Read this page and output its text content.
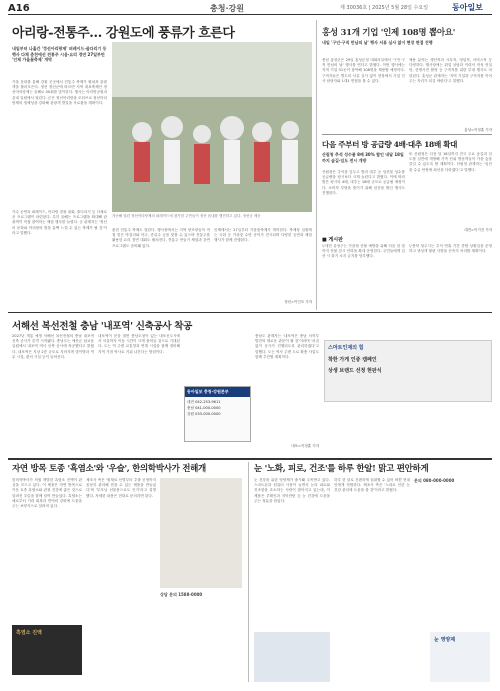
A16	충청·강원	제 30036호 | 2025년 5월 28일 수요일	동아일보
아리랑-전통주… 강원도에 풍류가 흐른다
내일부터 나흘간 '정선아리랑제' 퍼레이드·줄다리기 등 행사 다채 춘천에선 전통주 시음·요리 경연 27일부턴 '인제 가을꽃축제' 개막
가을 문화를 통해 강원 곳곳에서 전통주 축제가 펼쳐져 관광객을 불러모은다. 정선 정선군에 따르면 지역 대표축제인 정선아리랑제는 올해로 50회를 맞이한다. 행사는 아리랑공원과 읍내 일원에서 열린다. 군은 정선아리랑을 모티브로 정선아리랑제의 정체성을 강화해 관광객 발길을 사로잡을 계획이다.
가수 공연과 퍼레이드, 아리랑 경창 대회, 줄다리기 등 다채로운 프로그램이 마련된다. 특히 올해는 프로그램을 확대해 관광객이 직접 참여하는 체험 행사를 늘렸다. 군 관계자는 '정선의 문화와 아리랑의 멋을 흠뻑 느낄 수 있는 축제가 될 것'이라고 말했다.
지난해 열린 정선아리랑제의 퍼레이드에 참가한 주민들이 정선 읍내를 행진하고 있다. 정선군 제공
춘천 전통주 축제도 열린다. 행사장에서는 지역 양조장들이 직접 빚은 막걸리와 약주, 증류주 등을 맛볼 수 있으며 전통주를 활용한 요리 경연 대회도 펼쳐진다. 전통주 만들기 체험과 강연 프로그램도 준비돼 있다.
인제에서는 27일부터 가을꽃축제가 개막한다. 축제장 일원에는 국화 등 가을꽃 수만 송이가 전시되며 다양한 공연과 체험 행사가 함께 진행된다.
정선=이인모 기자
홍성 31개 기업 '인제 108명 뽑아요'
내일 '구인·구직 만남의 날' 행사 서류 심사 없이 현장 면접 진행
충남 홍성군은 29일 홍성군청 대회의실에서 '구인·구직 만남의 날' 행사를 연다고 밝혔다. 이번 행사에는 지역 기업 31곳이 참여해 108명을 채용할 예정이다. 구직자들은 별도의 서류 심사 없이 현장에서 기업 인사 담당자와 1대1 면접을 볼 수 있다.
채용 분야는 생산직과 사무직, 영업직, 서비스직 등 다양하다. 행사장에는 취업 상담과 이력서 작성 컨설팅, 증명사진 촬영 등 구직자를 위한 부대 행사도 마련된다. 홍성군 관계자는 '지역 기업과 구직자를 이어 주는 자리가 되길 바란다'고 말했다.
홍성=이정훈 기자
다음 주부터 방 공급량 4배·대추 18배 확대
산림청 추석 성수품 8배 30% 할인 내달 18일까지 숲길·임도 전시 개방
산림청은 추석을 앞두고 밤과 대추 등 임산물 성수품 공급량을 평시보다 크게 늘린다고 밝혔다. 이에 따라 밤은 평시의 4배, 대추는 18배 규모로 공급될 예정이다. 소비자 부담을 줄이기 위해 임산물 할인 행사도 진행한다.
또 산림청은 다음 달 18일까지 전국 주요 숲길과 임도를 일반에 개방해 가족 단위 방문객들이 가을 숲을 즐길 수 있도록 할 계획이다. 산림청 관계자는 '임산물 수급 안정에 최선을 다하겠다'고 말했다.
대전=이기진 기자
■ 게시판
▽대전 유성구는 가을철 산불 예방을 위해 다음 달 말까지 산불 감시 인력을 확대 운영한다. 주민들에게 입산 시 화기 소지 금지를 당부했다.
▽충북 청주시는 추석 연휴 기간 종합 상황실을 운영하고 귀성객 불편 사항을 신속히 처리할 계획이다.
서해선 복선전철 충남 '내포역' 신축공사 착공
2027년 개통 예정 서해선 복선전철의 충남 내포역 신축 공사가 본격 시작됐다. 충남도는 예산군 삽교읍 일원에서 내포역 역사 신축 공사에 착공했다고 밝혔다. 내포역은 지상 2층 규모로 지어지며 맞이방과 역무 시설, 편의 시설 등이 들어선다.
내포역이 문을 열면 충남도청이 있는 내포신도시에서 서울까지 이동 시간이 크게 줄어들 것으로 기대된다. 도는 역 주변 교통망과 연계 시설을 함께 정비해 지역 거점 역사로 키워 나간다는 방침이다.
충남도 관계자는 '내포역은 충남 서북부 발전의 새로운 관문이 될 것'이라며 '차질 없이 공사가 진행되도록 관리하겠다'고 말했다. 도는 역사 주변 도로 확충 사업도 함께 추진할 계획이다.
내포=이정훈 기자
동아일보 충청·강원본부
대전 042-253-9611
충남 041-000-0000
강원 033-000-0000
스마트인재의 힘
착한 가게 인증 캠페인
상생 브랜드 선정 현판식
자연 방목 토종 '흑염소'와 '우슬', 한의학박사가 전해개
한의학박사가 직접 개발한 흑염소 진액이 관심을 모으고 있다. 이 제품은 자연 방목으로 키운 토종 흑염소와 관절 건강에 좋은 것으로 알려진 우슬을 함께 달여 만들었다. 흑염소는 예로부터 기력 회복과 면역력 강화에 도움을 주는 보양식으로 알려져 있다.
제조사 측은 '원재료 선별부터 추출 공정까지 꼼꼼히 관리해 믿을 수 있는 제품을 만들었다'며 '부모님 선물용으로도 인기'라고 설명했다. 자세한 내용은 전화로 문의하면 된다.
상담 문의 1588-0000
흑염소 진액
눈 '노화, 피로, 건조'를 하루 한알! 맑고 편안하게
눈 건강을 위한 영양제가 출시돼 주목받고 있다. 스마트폰과 컴퓨터 사용이 늘면서 눈의 피로와 건조함을 호소하는 사람이 많아지고 있는데, 이 제품은 루테인과 지아잔틴 등 눈 건강에 도움을 주는 성분을 담았다.
하루 한 알로 간편하게 섭취할 수 있어 바쁜 현대인에게 적합하다. 제조사 측은 '노화로 인한 눈 건강 관리에 도움을 줄 것'이라고 밝혔다.
문의 080-000-0000
눈 영양제
